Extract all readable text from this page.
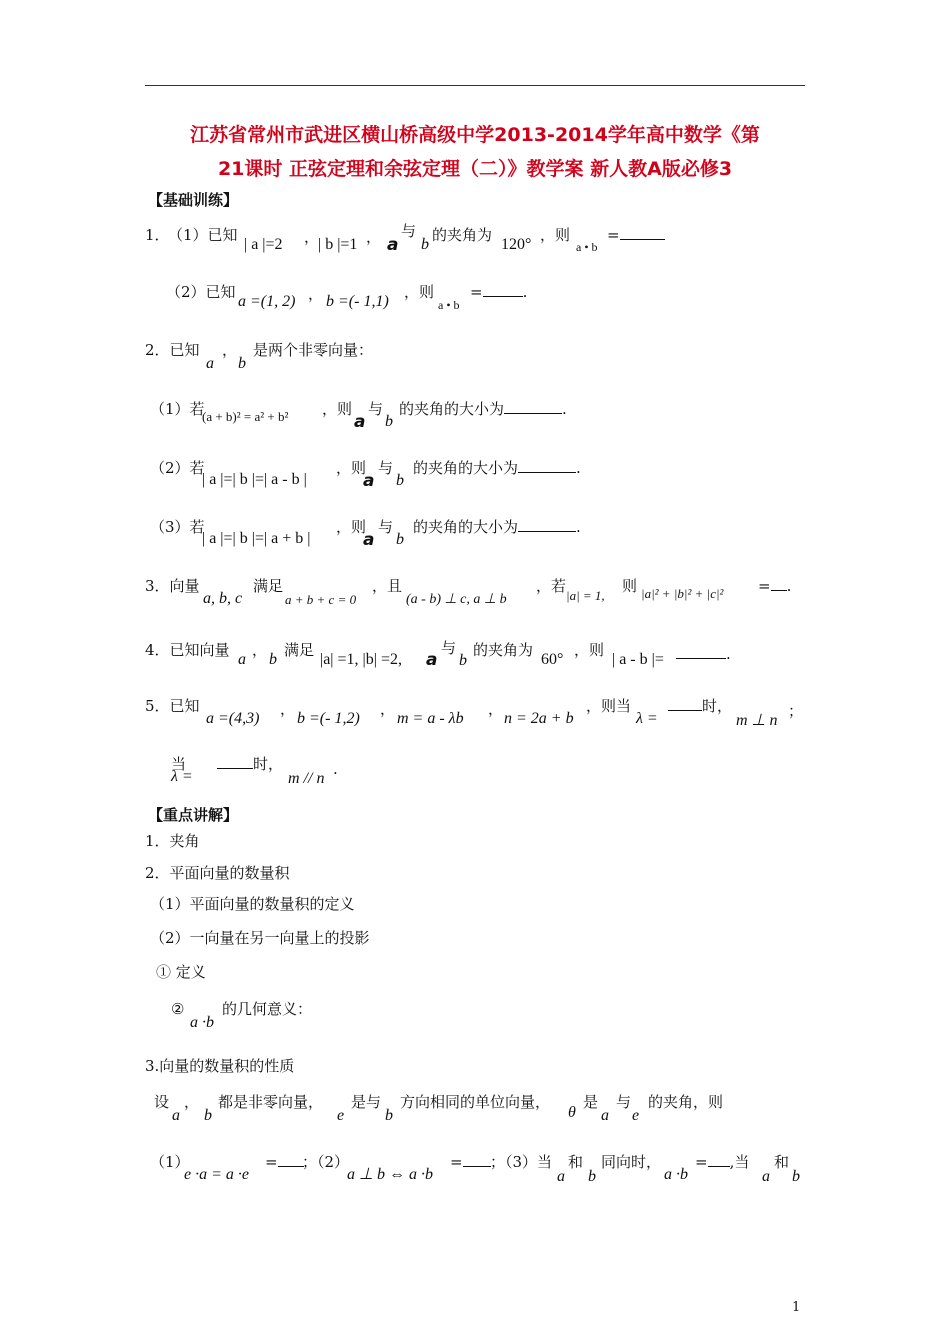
江苏省常州市武进区横山桥高级中学2013-2014学年高中数学《第
21课时 正弦定理和余弦定理（二）》教学案 新人教A版必修3
【基础训练】
1．
（1）已知
| a |=2 ，
| b |=1 ， a
与
b
的夹角为
120°
，则
a • b
=
（2）已知
a =(1, 2) ， b =(- 1,1)
，则
a • b
=	.
2．已知
a
，
b
是两个非零向量：
（1）若
(a + b)² = a² + b² ，则
a
与
b
的夹角的大小为	.
（2）若
| a |=| b |=| a - b |
，则
a
与
b
的夹角的大小为	.
（3）若
| a |=| b |=| a + b |
，则
a
与
b
的夹角的大小为	.
3．向量
a, b, c
满足
a + b + c = 0
，且
(a - b) ⊥ c, a ⊥ b
，若
|a| = 1,
则 |a|² + |b|² + |c|² = .
4．已知向量
a
，
b
满足
|a| =1, |b| =2, a
与
b
的夹角为
60°
，则
| a - b |=	.
5．已知
a =(4,3)
，
b =(- 1,2)
，
m = a - λb
，
n = 2a + b
，则当
λ =
时，
m ⊥ n
；
当
λ =
时，
m // n
.
【重点讲解】
1．夹角
2．平面向量的数量积
（1）平面向量的数量积的定义
（2）一向量在另一向量上的投影
① 定义
②
a ·b
的几何意义：
3.向量的数量积的性质
设
a
，
b
都是非零向量，
e
是与
b
方向相同的单位向量，
θ
是
a
与
e
的夹角，则
（1）
e ·a = a ·e
=	；（2）
a ⊥ b ⇔ a ·b
=	；（3）当
a
和
b
同向时，
a ·b
= ,当
a
和
b
1
